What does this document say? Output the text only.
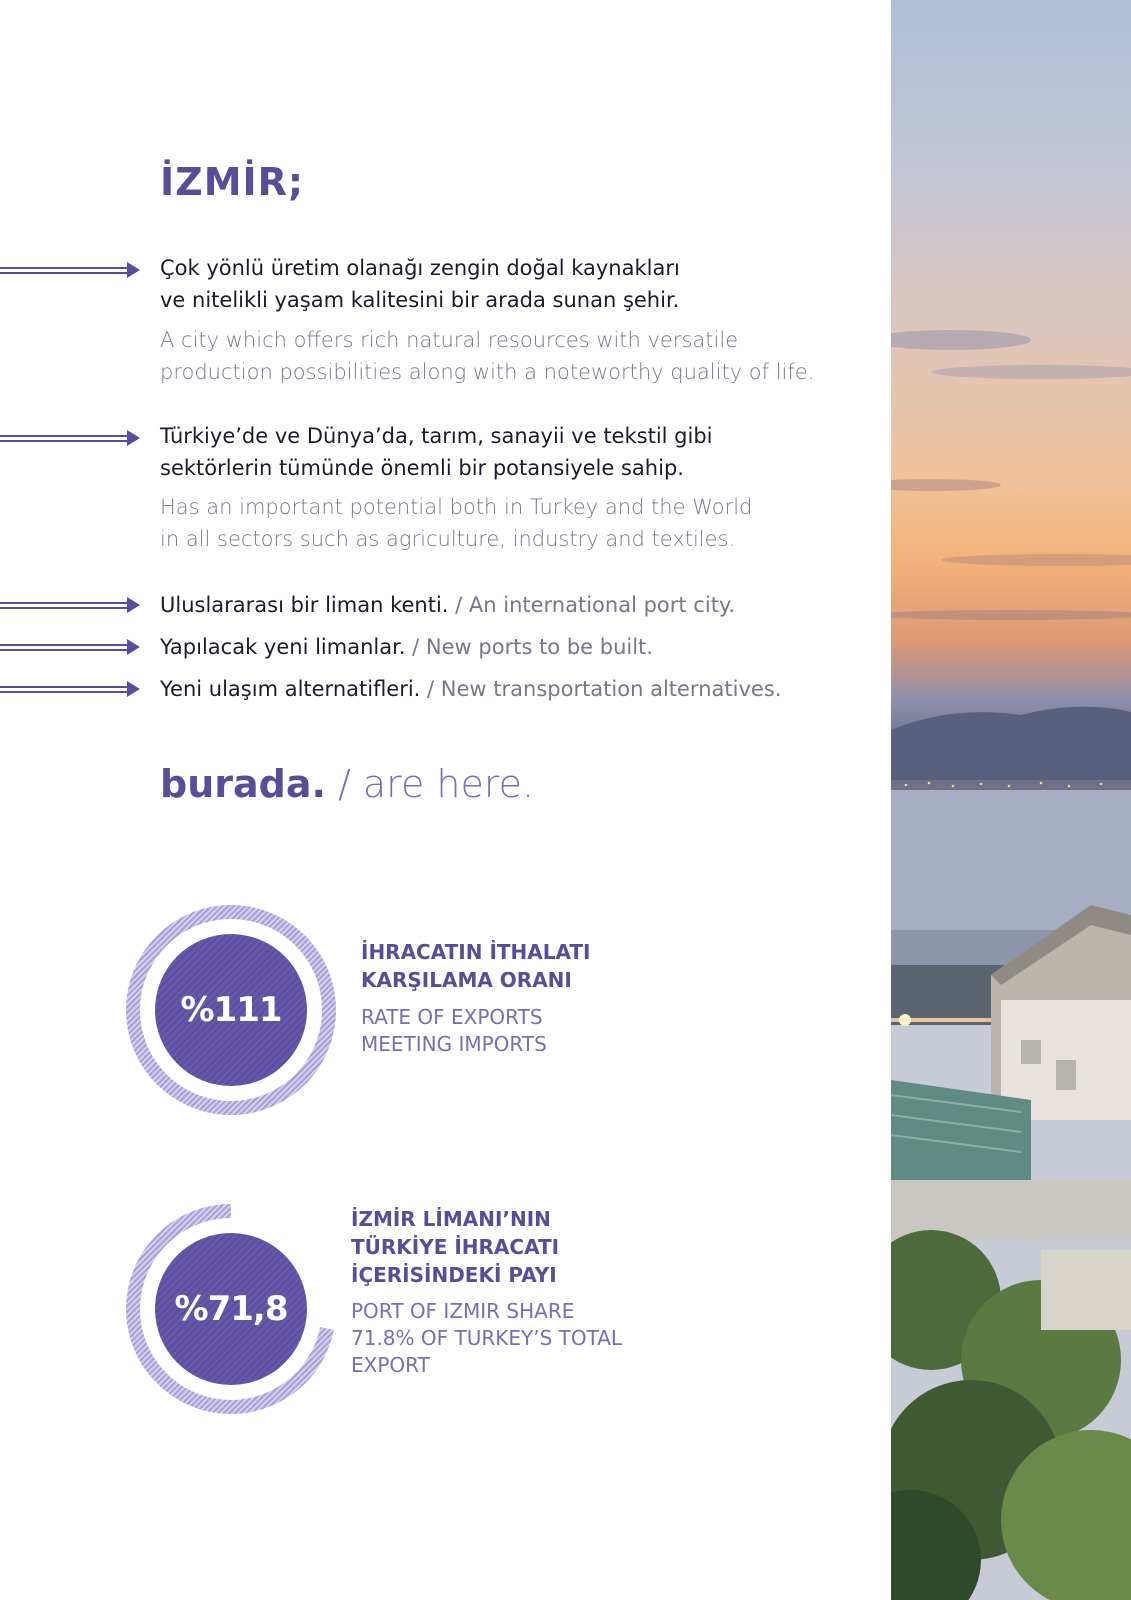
İZMİR;

Çok yönlü üretim olanağı zengin doğal kaynakları
ve nitelikli yaşam kalitesini bir arada sunan şehir.

A city which offers rich natural resources with versatile
production possibilities along with a noteworthy quality of life.

Türkiye’de ve Dünya’da, tarım, sanayii ve tekstil gibi
sektörlerin tümünde önemli bir potansiyele sahip.

Has an important potential both in Turkey and the World
in all sectors such as agriculture, industry and textiles.

Uluslararası bir liman kenti. / An international port city.

Yapılacak yeni limanlar. / New ports to be built.

Yeni ulaşım alternatifleri. / New transportation alternatives.

burada. / are here.

%111

İHRACATIN İTHALATI
KARŞILAMA ORANI

RATE OF EXPORTS
MEETING IMPORTS

%71,8

İZMİR LİMANI’NIN
TÜRKİYE İHRACATI
İÇERİSİNDEKİ PAYI

PORT OF IZMIR SHARE
71.8% OF TURKEY’S TOTAL
EXPORT
